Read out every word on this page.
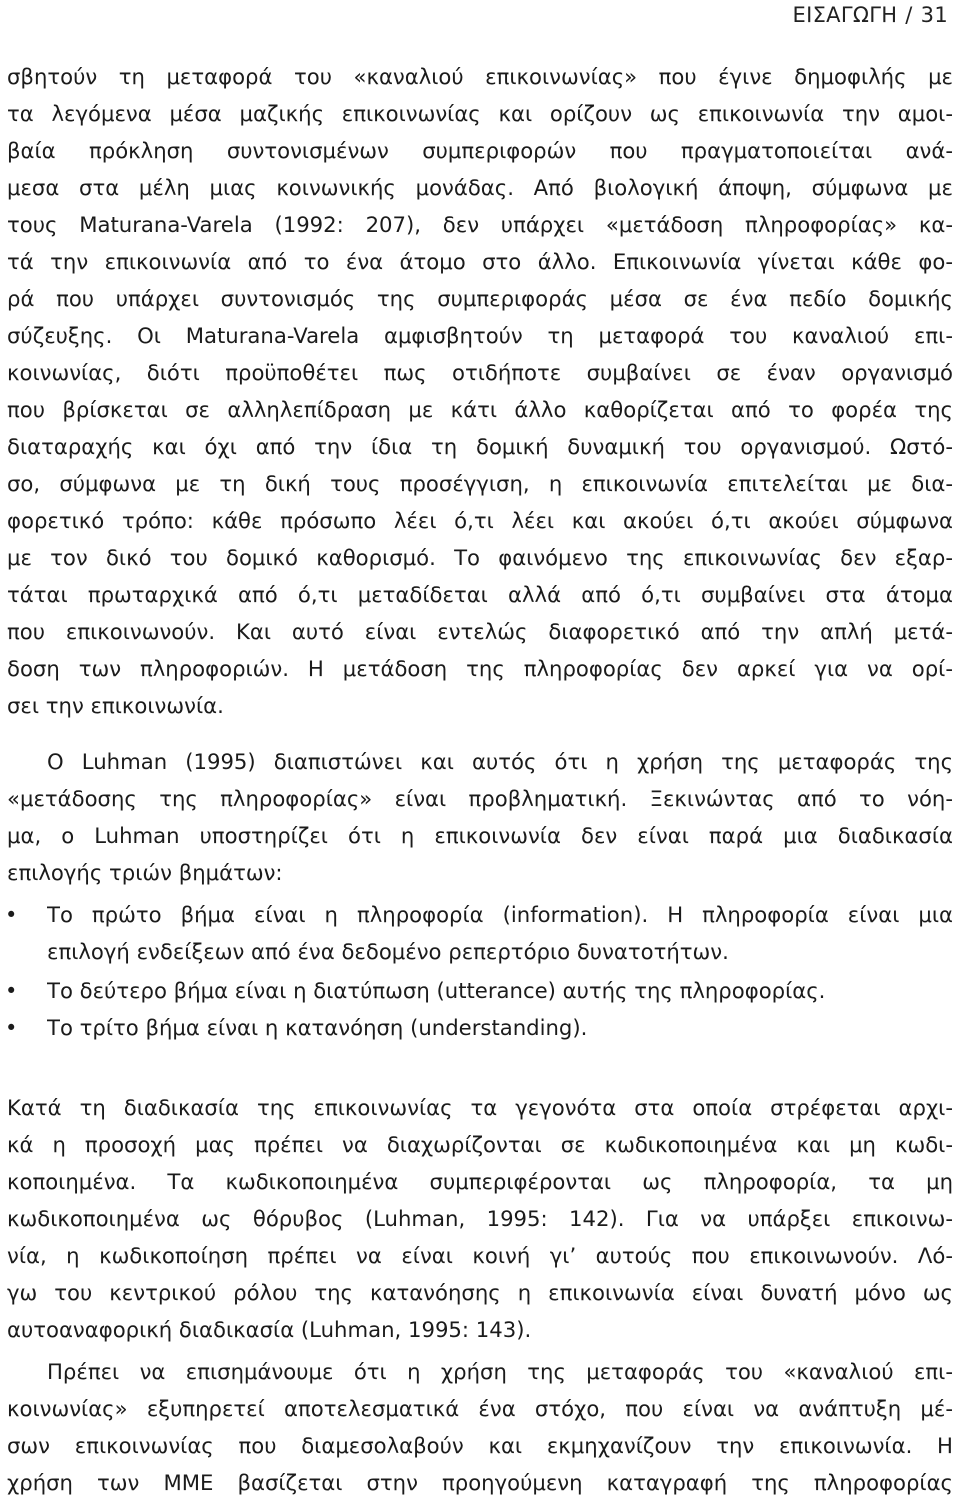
ΕΙΣΑΓΩΓΗ / 31
σβητούν τη μεταφορά του «καναλιού επικοινωνίας» που έγινε δημοφιλής με
τα λεγόμενα μέσα μαζικής επικοινωνίας και ορίζουν ως επικοινωνία την αμοι-
βαία πρόκληση συντονισμένων συμπεριφορών που πραγματοποιείται ανά-
μεσα στα μέλη μιας κοινωνικής μονάδας. Από βιολογική άποψη, σύμφωνα με
τους Maturana-Varela (1992: 207), δεν υπάρχει «μετάδοση πληροφορίας» κα-
τά την επικοινωνία από το ένα άτομο στο άλλο. Επικοινωνία γίνεται κάθε φο-
ρά που υπάρχει συντονισμός της συμπεριφοράς μέσα σε ένα πεδίο δομικής
σύζευξης. Οι Maturana-Varela αμφισβητούν τη μεταφορά του καναλιού επι-
κοινωνίας, διότι προϋποθέτει πως οτιδήποτε συμβαίνει σε έναν οργανισμό
που βρίσκεται σε αλληλεπίδραση με κάτι άλλο καθορίζεται από το φορέα της
διαταραχής και όχι από την ίδια τη δομική δυναμική του οργανισμού. Ωστό-
σο, σύμφωνα με τη δική τους προσέγγιση, η επικοινωνία επιτελείται με δια-
φορετικό τρόπο: κάθε πρόσωπο λέει ό,τι λέει και ακούει ό,τι ακούει σύμφωνα
με τον δικό του δομικό καθορισμό. Το φαινόμενο της επικοινωνίας δεν εξαρ-
τάται πρωταρχικά από ό,τι μεταδίδεται αλλά από ό,τι συμβαίνει στα άτομα
που επικοινωνούν. Και αυτό είναι εντελώς διαφορετικό από την απλή μετά-
δοση των πληροφοριών. Η μετάδοση της πληροφορίας δεν αρκεί για να ορί-
σει την επικοινωνία.
Ο Luhman (1995) διαπιστώνει και αυτός ότι η χρήση της μεταφοράς της
«μετάδοσης της πληροφορίας» είναι προβληματική. Ξεκινώντας από το νόη-
μα, ο Luhman υποστηρίζει ότι η επικοινωνία δεν είναι παρά μια διαδικασία
επιλογής τριών βημάτων:
•	Το πρώτο βήμα είναι η πληροφορία (information). Η πληροφορία είναι μια
επιλογή ενδείξεων από ένα δεδομένο ρεπερτόριο δυνατοτήτων.
•	Το δεύτερο βήμα είναι η διατύπωση (utterance) αυτής της πληροφορίας.
•	Το τρίτο βήμα είναι η κατανόηση (understanding).
Κατά τη διαδικασία της επικοινωνίας τα γεγονότα στα οποία στρέφεται αρχι-
κά η προσοχή μας πρέπει να διαχωρίζονται σε κωδικοποιημένα και μη κωδι-
κοποιημένα. Τα κωδικοποιημένα συμπεριφέρονται ως πληροφορία, τα μη
κωδικοποιημένα ως θόρυβος (Luhman, 1995: 142). Για να υπάρξει επικοινω-
νία, η κωδικοποίηση πρέπει να είναι κοινή γι’ αυτούς που επικοινωνούν. Λό-
γω του κεντρικού ρόλου της κατανόησης η επικοινωνία είναι δυνατή μόνο ως
αυτοαναφορική διαδικασία (Luhman, 1995: 143).
Πρέπει να επισημάνουμε ότι η χρήση της μεταφοράς του «καναλιού επι-
κοινωνίας» εξυπηρετεί αποτελεσματικά ένα στόχο, που είναι να ανάπτυξη μέ-
σων επικοινωνίας που διαμεσολαβούν και εκμηχανίζουν την επικοινωνία. Η
χρήση των ΜΜΕ βασίζεται στην προηγούμενη καταγραφή της πληροφορίας
